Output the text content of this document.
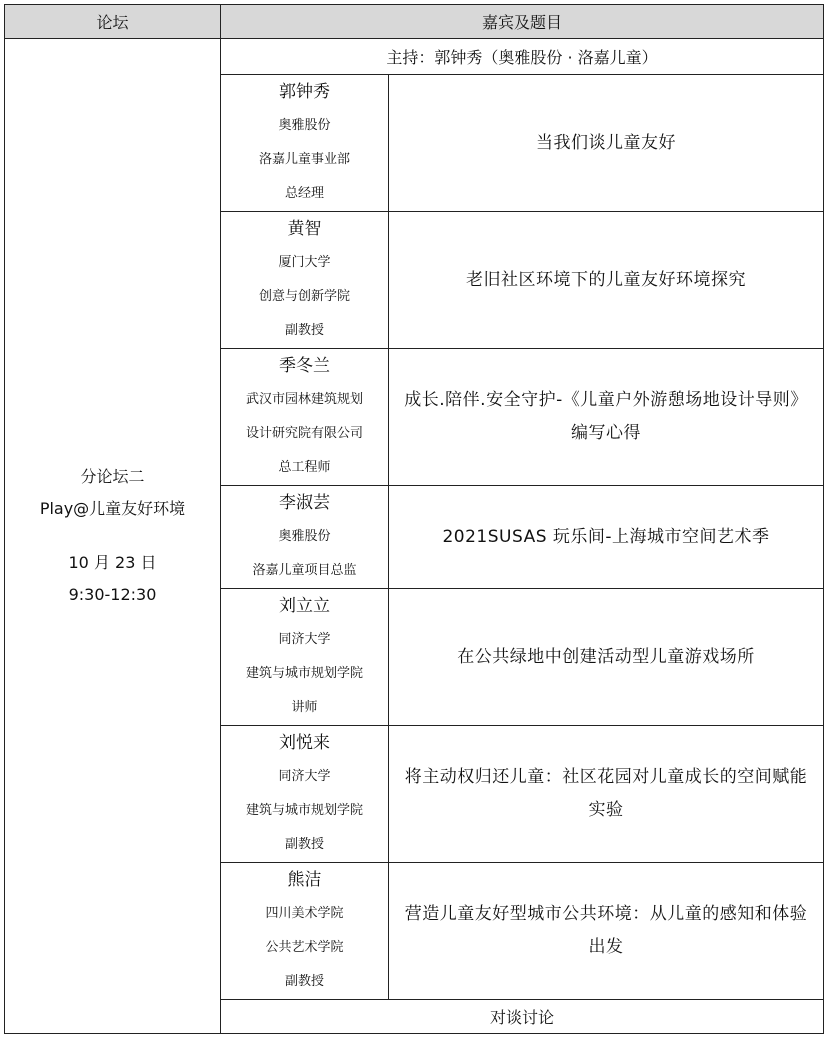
论坛	嘉宾及题目	

分论坛二
Play@儿童友好环境
10 月 23 日
9:30-12:30	主持：郭钟秀（奥雅股份 · 洛嘉儿童）	

	郭钟秀
奥雅股份
洛嘉儿童事业部
总经理	当我们谈儿童友好

	黄智
厦门大学
创意与创新学院
副教授	老旧社区环境下的儿童友好环境探究

	季冬兰
武汉市园林建筑规划
设计研究院有限公司
总工程师	成长.陪伴.安全守护-《儿童户外游憩场地设计导则》编写心得

	李淑芸
奥雅股份
洛嘉儿童项目总监	2021SUSAS 玩乐间-上海城市空间艺术季

	刘立立
同济大学
建筑与城市规划学院
讲师	在公共绿地中创建活动型儿童游戏场所

	刘悦来
同济大学
建筑与城市规划学院
副教授	将主动权归还儿童：社区花园对儿童成长的空间赋能实验

	熊洁
四川美术学院
公共艺术学院
副教授	营造儿童友好型城市公共环境：从儿童的感知和体验出发
	对谈讨论	
